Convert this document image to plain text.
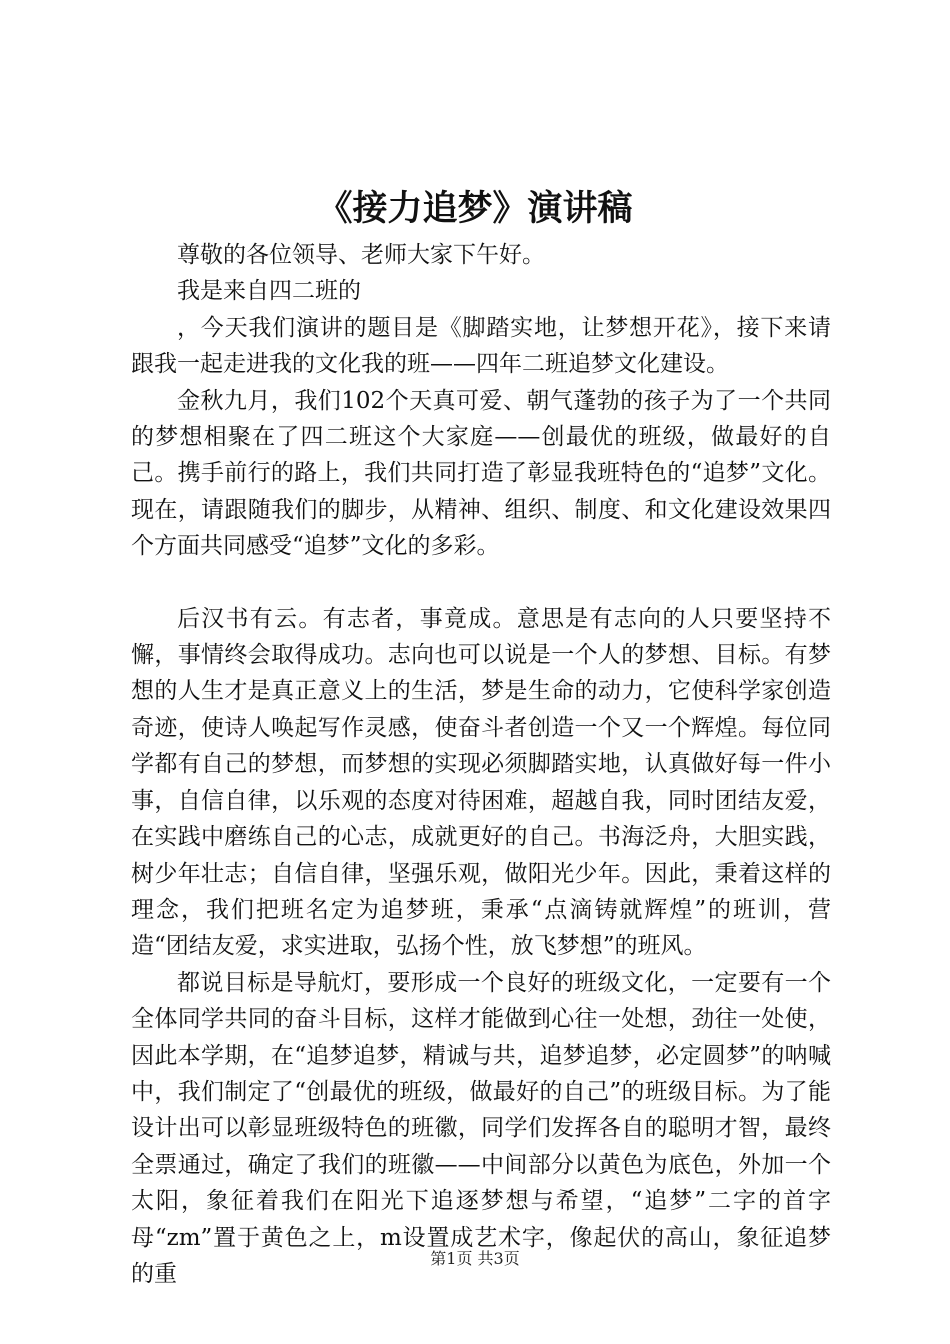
《接力追梦》演讲稿

尊敬的各位领导、老师大家下午好。

我是来自四二班的

，今天我们演讲的题目是《脚踏实地，让梦想开花》，接下来请跟我一起走进我的文化我的班——四年二班追梦文化建设。

金秋九月，我们102个天真可爱、朝气蓬勃的孩子为了一个共同的梦想相聚在了四二班这个大家庭——创最优的班级，做最好的自己。携手前行的路上，我们共同打造了彰显我班特色的“追梦”文化。现在，请跟随我们的脚步，从精神、组织、制度、和文化建设效果四个方面共同感受“追梦”文化的多彩。

后汉书有云。有志者，事竟成。意思是有志向的人只要坚持不懈，事情终会取得成功。志向也可以说是一个人的梦想、目标。有梦想的人生才是真正意义上的生活，梦是生命的动力，它使科学家创造奇迹，使诗人唤起写作灵感，使奋斗者创造一个又一个辉煌。每位同学都有自己的梦想，而梦想的实现必须脚踏实地，认真做好每一件小事，自信自律，以乐观的态度对待困难，超越自我，同时团结友爱，在实践中磨练自己的心志，成就更好的自己。书海泛舟，大胆实践，树少年壮志；自信自律，坚强乐观，做阳光少年。因此，秉着这样的理念，我们把班名定为追梦班，秉承“点滴铸就辉煌”的班训，营造“团结友爱，求实进取，弘扬个性，放飞梦想”的班风。

都说目标是导航灯，要形成一个良好的班级文化，一定要有一个全体同学共同的奋斗目标，这样才能做到心往一处想，劲往一处使，因此本学期，在“追梦追梦，精诚与共，追梦追梦，必定圆梦”的呐喊中，我们制定了“创最优的班级，做最好的自己”的班级目标。为了能设计出可以彰显班级特色的班徽，同学们发挥各自的聪明才智，最终全票通过，确定了我们的班徽——中间部分以黄色为底色，外加一个太阳，象征着我们在阳光下追逐梦想与希望，“追梦”二字的首字母“zm”置于黄色之上，m设置成艺术字，像起伏的高山，象征追梦的重

第1页 共3页
